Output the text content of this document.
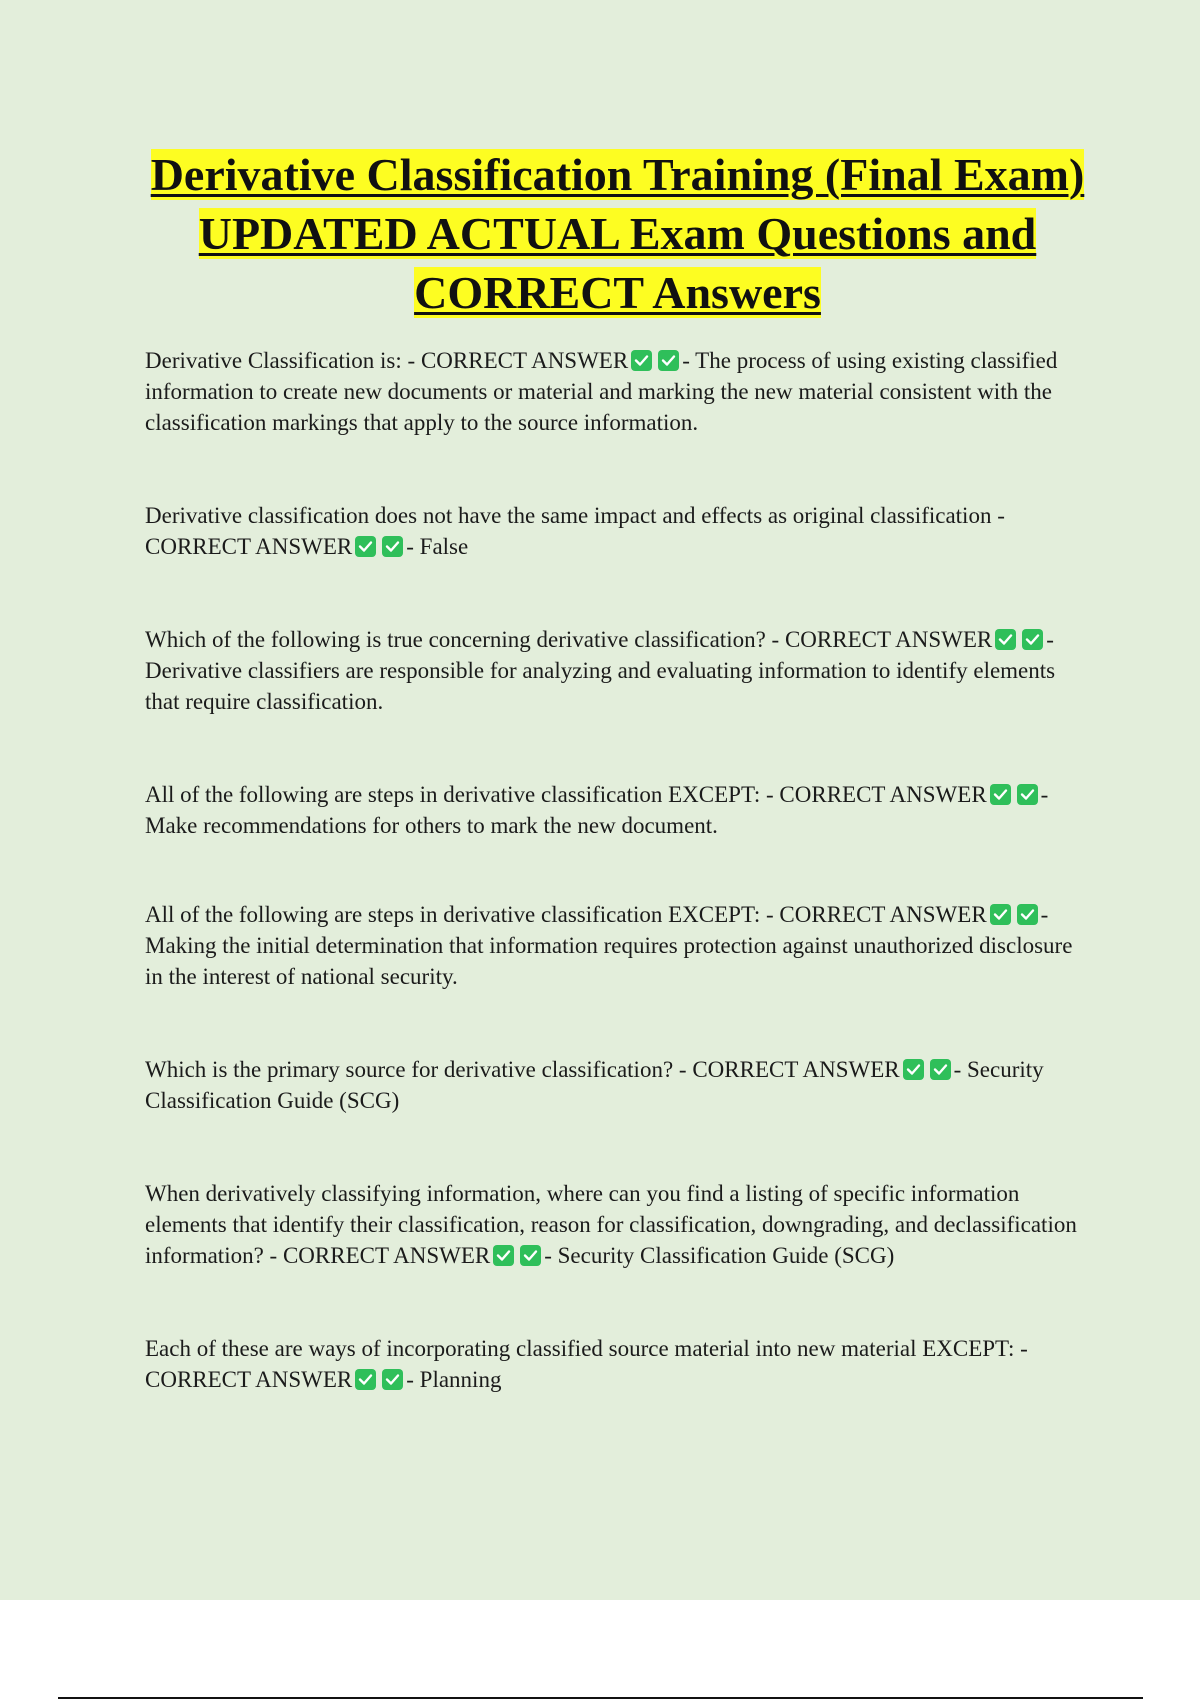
Derivative Classification Training (Final Exam) UPDATED ACTUAL Exam Questions and CORRECT Answers

Derivative Classification is: - CORRECT ANSWER - The process of using existing classified information to create new documents or material and marking the new material consistent with the classification markings that apply to the source information.

Derivative classification does not have the same impact and effects as original classification - CORRECT ANSWER - False

Which of the following is true concerning derivative classification? - CORRECT ANSWER - Derivative classifiers are responsible for analyzing and evaluating information to identify elements that require classification.

All of the following are steps in derivative classification EXCEPT: - CORRECT ANSWER - Make recommendations for others to mark the new document.

All of the following are steps in derivative classification EXCEPT: - CORRECT ANSWER - Making the initial determination that information requires protection against unauthorized disclosure in the interest of national security.

Which is the primary source for derivative classification? - CORRECT ANSWER - Security Classification Guide (SCG)

When derivatively classifying information, where can you find a listing of specific information elements that identify their classification, reason for classification, downgrading, and declassification information? - CORRECT ANSWER - Security Classification Guide (SCG)

Each of these are ways of incorporating classified source material into new material EXCEPT: - CORRECT ANSWER - Planning
